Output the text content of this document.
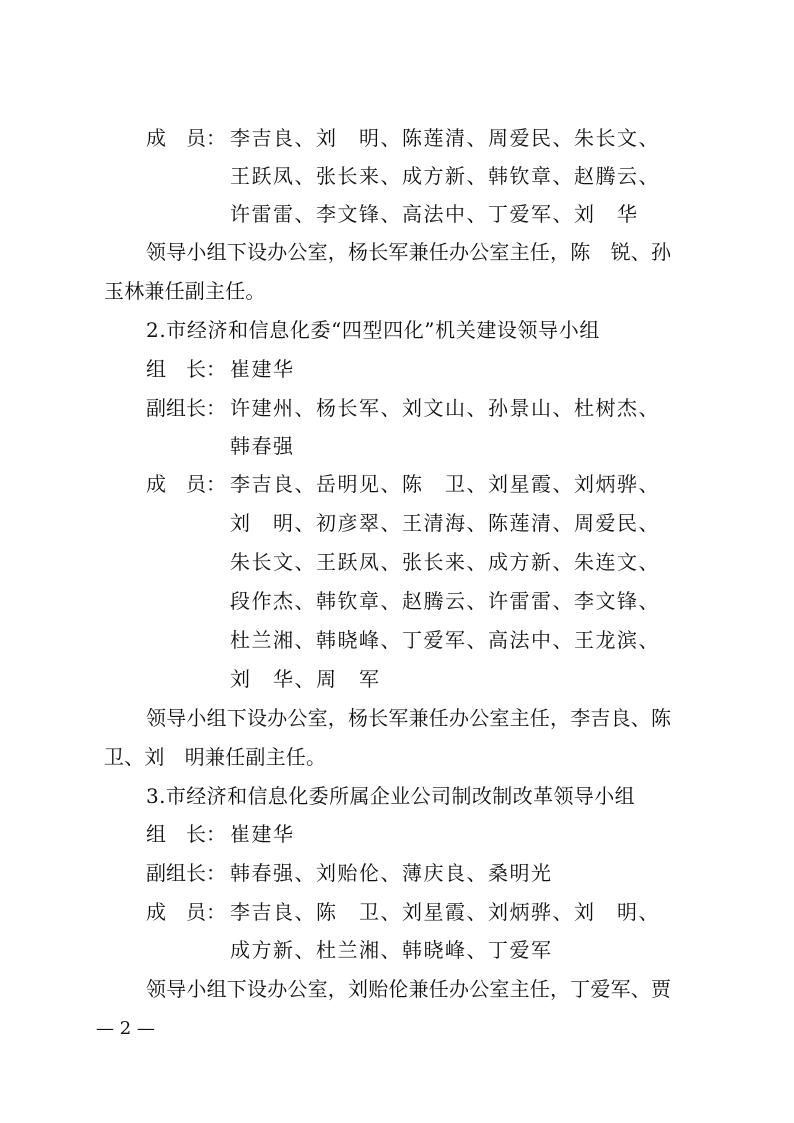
成　员： 李吉良、刘　明、陈莲清、周爱民、朱长文、
王跃凤、张长来、成方新、韩钦章、赵腾云、
许雷雷、李文锋、高法中、丁爱军、刘　华
领导小组下设办公室，杨长军兼任办公室主任，陈　锐、孙
玉林兼任副主任。
2.市经济和信息化委“四型四化”机关建设领导小组
组　长： 崔建华
副组长： 许建州、杨长军、刘文山、孙景山、杜树杰、
韩春强
成　员： 李吉良、岳明见、陈　卫、刘星霞、刘炳骅、
刘　明、初彦翠、王清海、陈莲清、周爱民、
朱长文、王跃凤、张长来、成方新、朱连文、
段作杰、韩钦章、赵腾云、许雷雷、李文锋、
杜兰湘、韩晓峰、丁爱军、高法中、王龙滨、
刘　华、周　军
领导小组下设办公室，杨长军兼任办公室主任，李吉良、陈
卫、刘　明兼任副主任。
3.市经济和信息化委所属企业公司制改制改革领导小组
组　长： 崔建华
副组长： 韩春强、刘贻伦、薄庆良、桑明光
成　员： 李吉良、陈　卫、刘星霞、刘炳骅、刘　明、
成方新、杜兰湘、韩晓峰、丁爱军
领导小组下设办公室，刘贻伦兼任办公室主任，丁爱军、贾
— 2 —
